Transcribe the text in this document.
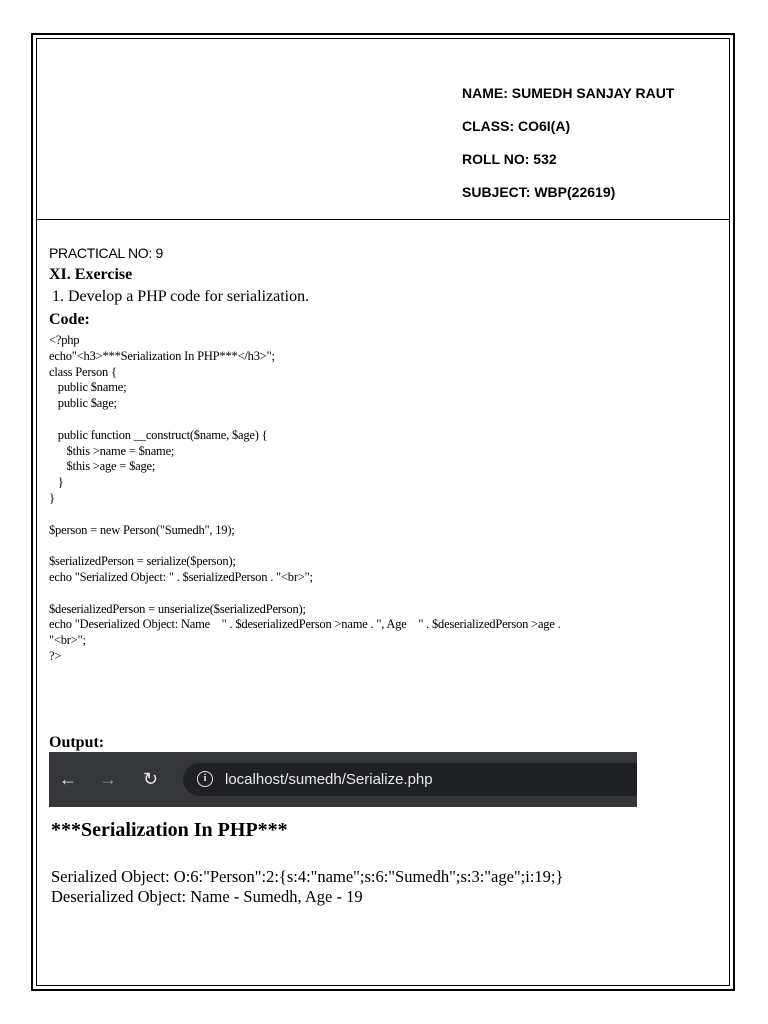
NAME: SUMEDH SANJAY RAUT
CLASS: CO6I(A)
ROLL NO: 532
SUBJECT: WBP(22619)
PRACTICAL NO: 9
XI. Exercise
1. Develop a PHP code for serialization.
Code:
<?php
echo"<h3>***Serialization In PHP***</h3>";
class Person {
public $name;
public $age;

public function __construct($name, $age) {
$this >name = $name;
$this >age = $age;
}
}

$person = new Person("Sumedh", 19);

$serializedPerson = serialize($person);
echo "Serialized Object: " . $serializedPerson . "<br>";

$deserializedPerson = unserialize($serializedPerson);
echo "Deserialized Object: Name    " . $deserializedPerson >name . ", Age    " . $deserializedPerson >age .
"<br>";
?>
Output:
← → ↻	i	localhost/sumedh/Serialize.php
***Serialization In PHP***
Serialized Object: O:6:"Person":2:{s:4:"name";s:6:"Sumedh";s:3:"age";i:19;}
Deserialized Object: Name - Sumedh, Age - 19
